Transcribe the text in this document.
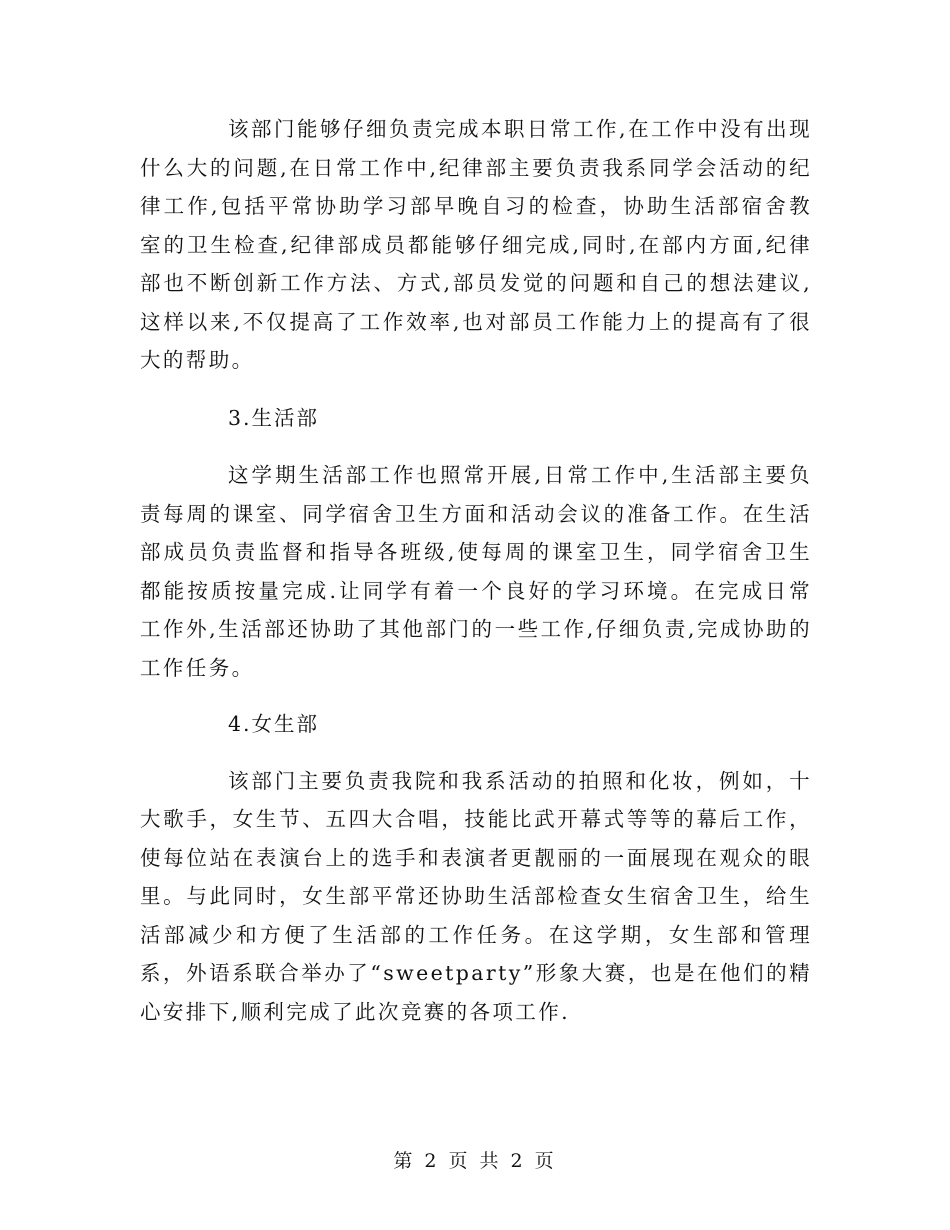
该部门能够仔细负责完成本职日常工作,在工作中没有出现什么大的问题,在日常工作中,纪律部主要负责我系同学会活动的纪律工作,包括平常协助学习部早晚自习的检查，协助生活部宿舍教室的卫生检查,纪律部成员都能够仔细完成,同时,在部内方面,纪律部也不断创新工作方法、方式,部员发觉的问题和自己的想法建议,这样以来,不仅提高了工作效率,也对部员工作能力上的提高有了很大的帮助。

3.生活部

这学期生活部工作也照常开展,日常工作中,生活部主要负责每周的课室、同学宿舍卫生方面和活动会议的准备工作。在生活部成员负责监督和指导各班级,使每周的课室卫生，同学宿舍卫生都能按质按量完成.让同学有着一个良好的学习环境。在完成日常工作外,生活部还协助了其他部门的一些工作,仔细负责,完成协助的工作任务。

4.女生部

该部门主要负责我院和我系活动的拍照和化妆，例如，十大歌手，女生节、五四大合唱，技能比武开幕式等等的幕后工作，使每位站在表演台上的选手和表演者更靓丽的一面展现在观众的眼里。与此同时，女生部平常还协助生活部检查女生宿舍卫生，给生活部减少和方便了生活部的工作任务。在这学期，女生部和管理系，外语系联合举办了“sweetparty”形象大赛，也是在他们的精心安排下,顺利完成了此次竞赛的各项工作.

第 2 页 共 2 页
